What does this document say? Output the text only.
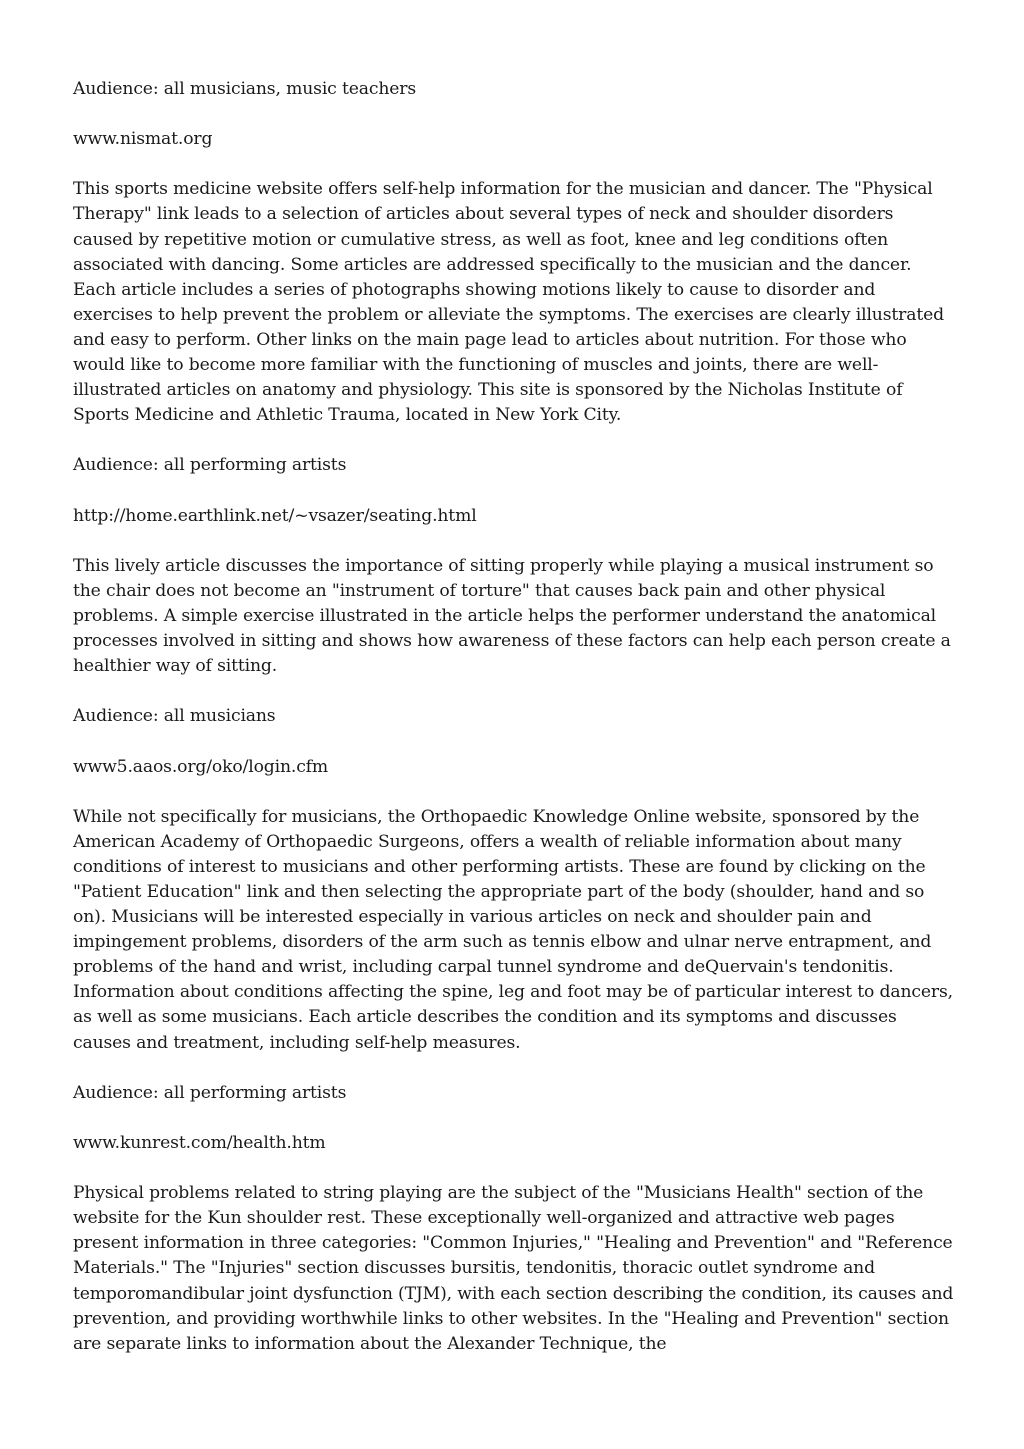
Audience: all musicians, music teachers

www.nismat.org

This sports medicine website offers self-help information for the musician and dancer. The "Physical Therapy" link leads to a selection of articles about several types of neck and shoulder disorders caused by repetitive motion or cumulative stress, as well as foot, knee and leg conditions often associated with dancing. Some articles are addressed specifically to the musician and the dancer. Each article includes a series of photographs showing motions likely to cause to disorder and exercises to help prevent the problem or alleviate the symptoms. The exercises are clearly illustrated and easy to perform. Other links on the main page lead to articles about nutrition. For those who would like to become more familiar with the functioning of muscles and joints, there are well-illustrated articles on anatomy and physiology. This site is sponsored by the Nicholas Institute of Sports Medicine and Athletic Trauma, located in New York City.

Audience: all performing artists

http://home.earthlink.net/~vsazer/seating.html

This lively article discusses the importance of sitting properly while playing a musical instrument so the chair does not become an "instrument of torture" that causes back pain and other physical problems. A simple exercise illustrated in the article helps the performer understand the anatomical processes involved in sitting and shows how awareness of these factors can help each person create a healthier way of sitting.

Audience: all musicians

www5.aaos.org/oko/login.cfm

While not specifically for musicians, the Orthopaedic Knowledge Online website, sponsored by the American Academy of Orthopaedic Surgeons, offers a wealth of reliable information about many conditions of interest to musicians and other performing artists. These are found by clicking on the "Patient Education" link and then selecting the appropriate part of the body (shoulder, hand and so on). Musicians will be interested especially in various articles on neck and shoulder pain and impingement problems, disorders of the arm such as tennis elbow and ulnar nerve entrapment, and problems of the hand and wrist, including carpal tunnel syndrome and deQuervain's tendonitis. Information about conditions affecting the spine, leg and foot may be of particular interest to dancers, as well as some musicians. Each article describes the condition and its symptoms and discusses causes and treatment, including self-help measures.

Audience: all performing artists

www.kunrest.com/health.htm

Physical problems related to string playing are the subject of the "Musicians Health" section of the website for the Kun shoulder rest. These exceptionally well-organized and attractive web pages present information in three categories: "Common Injuries," "Healing and Prevention" and "Reference Materials." The "Injuries" section discusses bursitis, tendonitis, thoracic outlet syndrome and temporomandibular joint dysfunction (TJM), with each section describing the condition, its causes and prevention, and providing worthwhile links to other websites. In the "Healing and Prevention" section are separate links to information about the Alexander Technique, the
